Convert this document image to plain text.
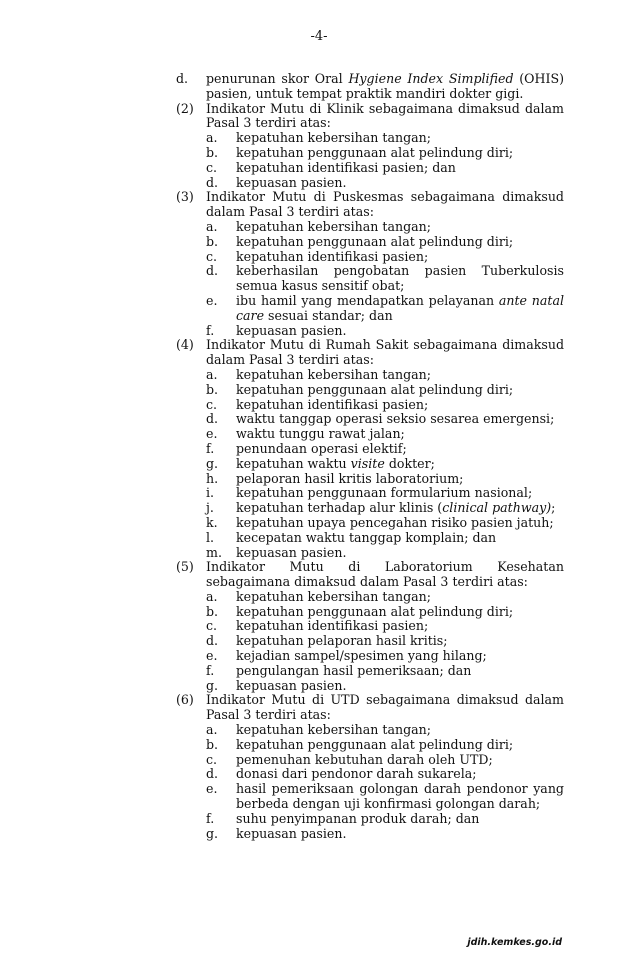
-4-
d. penurunan skor Oral Hygiene Index Simplified (OHIS) pasien, untuk tempat praktik mandiri dokter gigi.
(2) Indikator Mutu di Klinik sebagaimana dimaksud dalam Pasal 3 terdiri atas:
a. kepatuhan kebersihan tangan;
b. kepatuhan penggunaan alat pelindung diri;
c. kepatuhan identifikasi pasien; dan
d. kepuasan pasien.
(3) Indikator Mutu di Puskesmas sebagaimana dimaksud dalam Pasal 3 terdiri atas:
a. kepatuhan kebersihan tangan;
b. kepatuhan penggunaan alat pelindung diri;
c. kepatuhan identifikasi pasien;
d. keberhasilan pengobatan pasien Tuberkulosis semua kasus sensitif obat;
e. ibu hamil yang mendapatkan pelayanan ante natal care sesuai standar; dan
f. kepuasan pasien.
(4) Indikator Mutu di Rumah Sakit sebagaimana dimaksud dalam Pasal 3 terdiri atas:
a. kepatuhan kebersihan tangan;
b. kepatuhan penggunaan alat pelindung diri;
c. kepatuhan identifikasi pasien;
d. waktu tanggap operasi seksio sesarea emergensi;
e. waktu tunggu rawat jalan;
f. penundaan operasi elektif;
g. kepatuhan waktu visite dokter;
h. pelaporan hasil kritis laboratorium;
i. kepatuhan penggunaan formularium nasional;
j. kepatuhan terhadap alur klinis (clinical pathway);
k. kepatuhan upaya pencegahan risiko pasien jatuh;
l. kecepatan waktu tanggap komplain; dan
m. kepuasan pasien.
(5) Indikator Mutu di Laboratorium Kesehatan sebagaimana dimaksud dalam Pasal 3 terdiri atas:
a. kepatuhan kebersihan tangan;
b. kepatuhan penggunaan alat pelindung diri;
c. kepatuhan identifikasi pasien;
d. kepatuhan pelaporan hasil kritis;
e. kejadian sampel/spesimen yang hilang;
f. pengulangan hasil pemeriksaan; dan
g. kepuasan pasien.
(6) Indikator Mutu di UTD sebagaimana dimaksud dalam Pasal 3 terdiri atas:
a. kepatuhan kebersihan tangan;
b. kepatuhan penggunaan alat pelindung diri;
c. pemenuhan kebutuhan darah oleh UTD;
d. donasi dari pendonor darah sukarela;
e. hasil pemeriksaan golongan darah pendonor yang berbeda dengan uji konfirmasi golongan darah;
f. suhu penyimpanan produk darah; dan
g. kepuasan pasien.
jdih.kemkes.go.id
